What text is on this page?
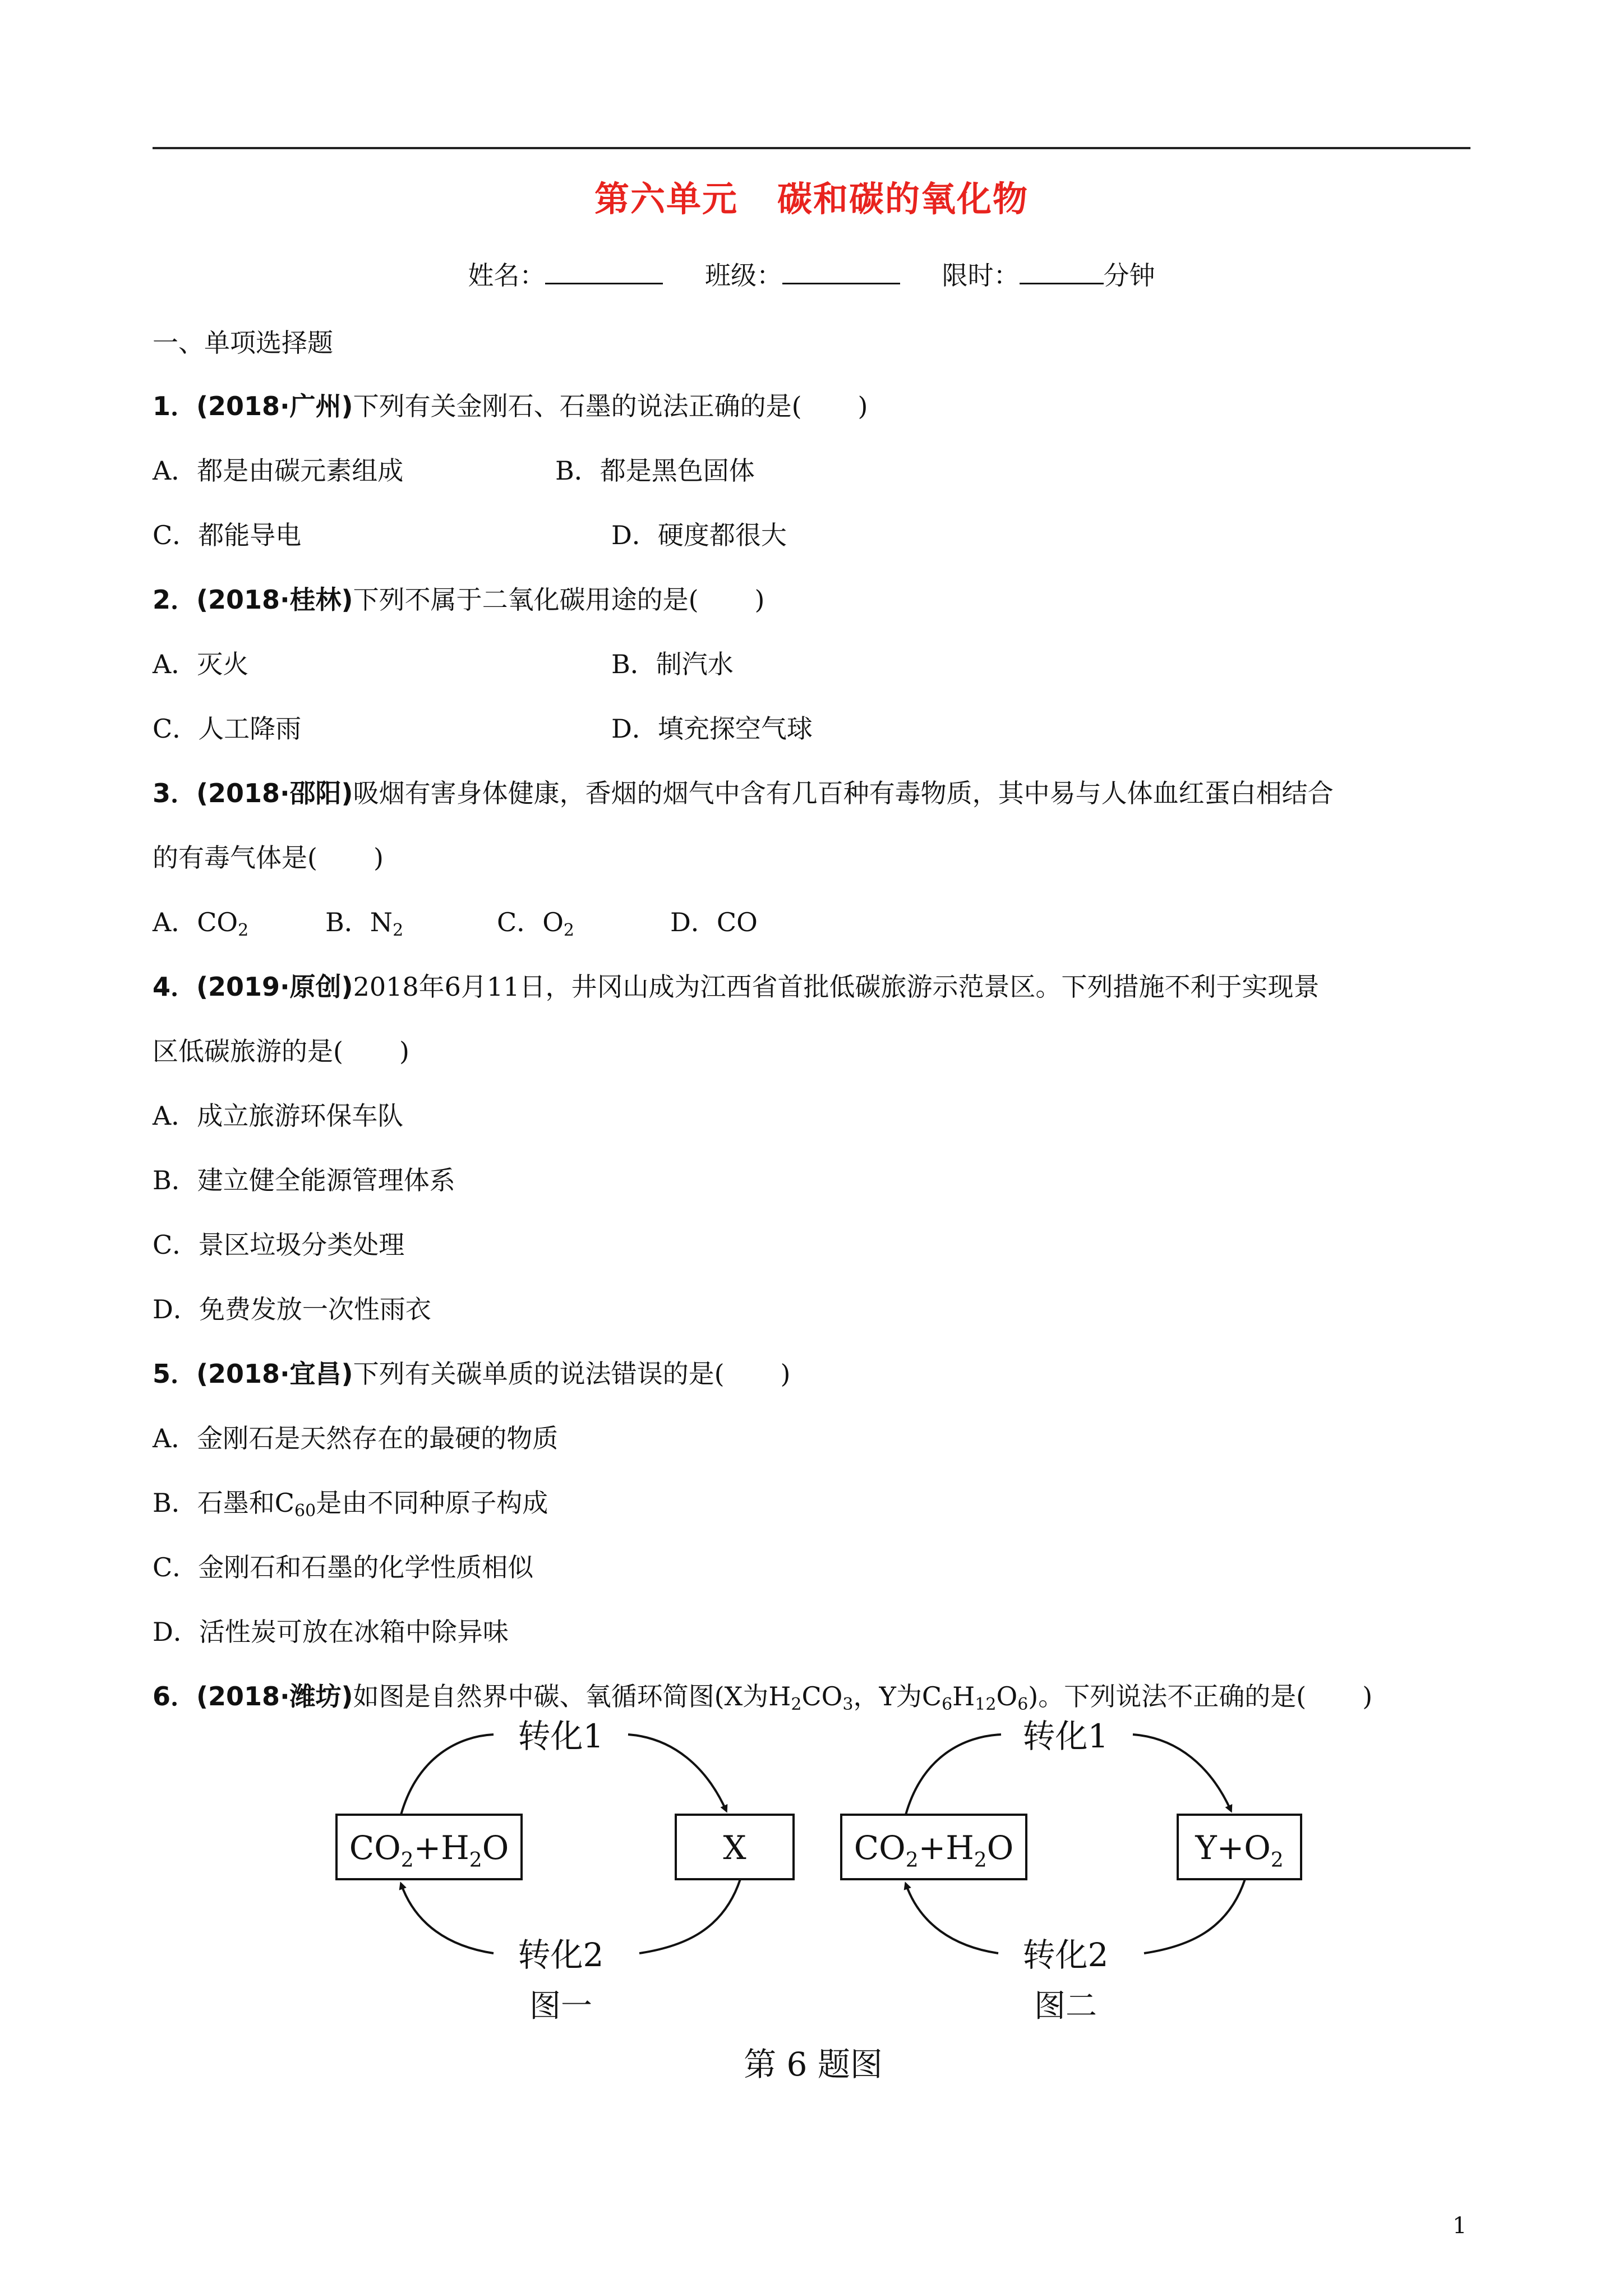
第六单元 碳和碳的氧化物
姓名：	班级：	限时：	分钟
一、单项选择题
1．(2018·广州)下列有关金刚石、石墨的说法正确的是( )
A．都是由碳元素组成	B．都是黑色固体
C．都能导电	D．硬度都很大
2．(2018·桂林)下列不属于二氧化碳用途的是( )
A．灭火	B．制汽水
C．人工降雨	D．填充探空气球
3．(2018·邵阳)吸烟有害身体健康，香烟的烟气中含有几百种有毒物质，其中易与人体血红蛋白相结合
的有毒气体是( )
A．$CO_2$	B．$N_2$	C．$O_2$	D．CO
4．(2019·原创)2018年6月11日，井冈山成为江西省首批低碳旅游示范景区。下列措施不利于实现景
区低碳旅游的是( )
A．成立旅游环保车队
B．建立健全能源管理体系
C．景区垃圾分类处理
D．免费发放一次性雨衣
5．(2018·宜昌)下列有关碳单质的说法错误的是( )
A．金刚石是天然存在的最硬的物质
B．石墨和$C_{60}$是由不同种原子构成
C．金刚石和石墨的化学性质相似
D．活性炭可放在冰箱中除异味
6．(2018·潍坊)如图是自然界中碳、氧循环简图(X为$H_2CO_3$，Y为$C_6H_{12}O_6$)。下列说法不正确的是( )
$CO_2+H_2O$	X
转化1
转化2
图一
$CO_2+H_2O$	$Y+O_2$
转化1
转化2
图二
第 6 题图
1
